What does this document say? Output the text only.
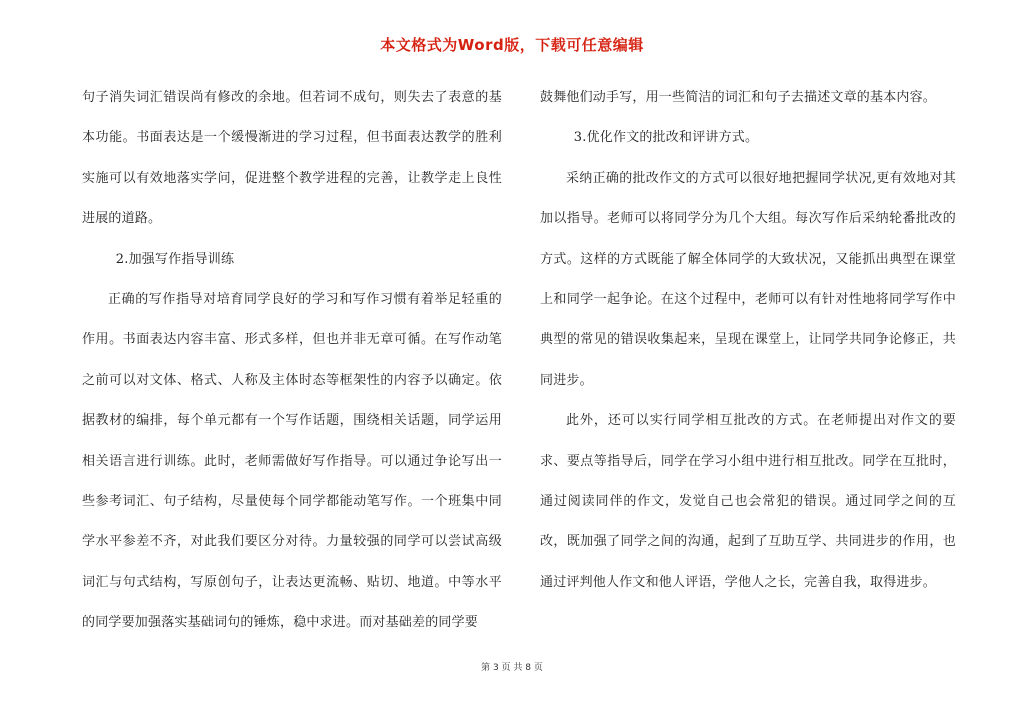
本文格式为Word版，下载可任意编辑

句子消失词汇错误尚有修改的余地。但若词不成句，则失去了表意的基本功能。书面表达是一个缓慢渐进的学习过程，但书面表达教学的胜利实施可以有效地落实学问，促进整个教学进程的完善，让教学走上良性进展的道路。

2.加强写作指导训练

正确的写作指导对培育同学良好的学习和写作习惯有着举足轻重的作用。书面表达内容丰富、形式多样，但也并非无章可循。在写作动笔之前可以对文体、格式、人称及主体时态等框架性的内容予以确定。依据教材的编排，每个单元都有一个写作话题，围绕相关话题，同学运用相关语言进行训练。此时，老师需做好写作指导。可以通过争论写出一些参考词汇、句子结构，尽量使每个同学都能动笔写作。一个班集中同学水平参差不齐，对此我们要区分对待。力量较强的同学可以尝试高级词汇与句式结构，写原创句子，让表达更流畅、贴切、地道。中等水平的同学要加强落实基础词句的锤炼，稳中求进。而对基础差的同学要

鼓舞他们动手写，用一些简洁的词汇和句子去描述文章的基本内容。

3.优化作文的批改和评讲方式。

采纳正确的批改作文的方式可以很好地把握同学状况,更有效地对其加以指导。老师可以将同学分为几个大组。每次写作后采纳轮番批改的方式。这样的方式既能了解全体同学的大致状况，又能抓出典型在课堂上和同学一起争论。在这个过程中，老师可以有针对性地将同学写作中典型的常见的错误收集起来，呈现在课堂上，让同学共同争论修正，共同进步。

此外，还可以实行同学相互批改的方式。在老师提出对作文的要求、要点等指导后，同学在学习小组中进行相互批改。同学在互批时，通过阅读同伴的作文，发觉自己也会常犯的错误。通过同学之间的互改，既加强了同学之间的沟通，起到了互助互学、共同进步的作用，也通过评判他人作文和他人评语，学他人之长，完善自我，取得进步。

第 3 页 共 8 页
